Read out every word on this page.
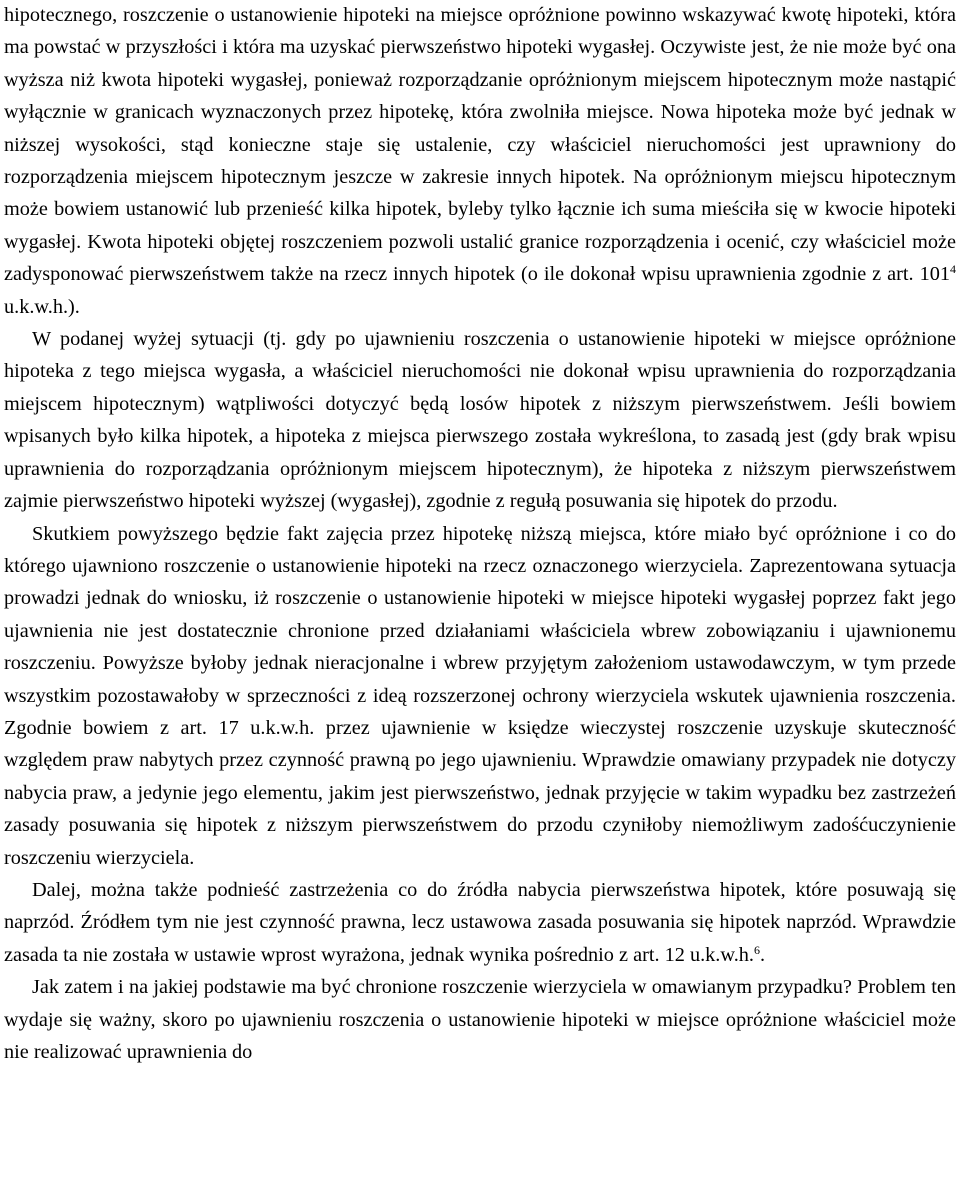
hipotecznego, roszczenie o ustanowienie hipoteki na miejsce opróżnione powinno wskazywać kwotę hipoteki, która ma powstać w przyszłości i która ma uzyskać pierwszeństwo hipoteki wygasłej. Oczywiste jest, że nie może być ona wyższa niż kwota hipoteki wygasłej, ponieważ rozporządzanie opróżnionym miejscem hipotecznym może nastąpić wyłącznie w granicach wyznaczonych przez hipotekę, która zwolniła miejsce. Nowa hipoteka może być jednak w niższej wysokości, stąd konieczne staje się ustalenie, czy właściciel nieruchomości jest uprawniony do rozporządzenia miejscem hipotecznym jeszcze w zakresie innych hipotek. Na opróżnionym miejscu hipotecznym może bowiem ustanowić lub przenieść kilka hipotek, byleby tylko łącznie ich suma mieściła się w kwocie hipoteki wygasłej. Kwota hipoteki objętej roszczeniem pozwoli ustalić granice rozporządzenia i ocenić, czy właściciel może zadysponować pierwszeństwem także na rzecz innych hipotek (o ile dokonał wpisu uprawnienia zgodnie z art. $101^4$ u.k.w.h.).

W podanej wyżej sytuacji (tj. gdy po ujawnieniu roszczenia o ustanowienie hipoteki w miejsce opróżnione hipoteka z tego miejsca wygasła, a właściciel nieruchomości nie dokonał wpisu uprawnienia do rozporządzania miejscem hipotecznym) wątpliwości dotyczyć będą losów hipotek z niższym pierwszeństwem. Jeśli bowiem wpisanych było kilka hipotek, a hipoteka z miejsca pierwszego została wykreślona, to zasadą jest (gdy brak wpisu uprawnienia do rozporządzania opróżnionym miejscem hipotecznym), że hipoteka z niższym pierwszeństwem zajmie pierwszeństwo hipoteki wyższej (wygasłej), zgodnie z regułą posuwania się hipotek do przodu.

Skutkiem powyższego będzie fakt zajęcia przez hipotekę niższą miejsca, które miało być opróżnione i co do którego ujawniono roszczenie o ustanowienie hipoteki na rzecz oznaczonego wierzyciela. Zaprezentowana sytuacja prowadzi jednak do wniosku, iż roszczenie o ustanowienie hipoteki w miejsce hipoteki wygasłej poprzez fakt jego ujawnienia nie jest dostatecznie chronione przed działaniami właściciela wbrew zobowiązaniu i ujawnionemu roszczeniu. Powyższe byłoby jednak nieracjonalne i wbrew przyjętym założeniom ustawodawczym, w tym przede wszystkim pozostawałoby w sprzeczności z ideą rozszerzonej ochrony wierzyciela wskutek ujawnienia roszczenia. Zgodnie bowiem z art. 17 u.k.w.h. przez ujawnienie w księdze wieczystej roszczenie uzyskuje skuteczność względem praw nabytych przez czynność prawną po jego ujawnieniu. Wprawdzie omawiany przypadek nie dotyczy nabycia praw, a jedynie jego elementu, jakim jest pierwszeństwo, jednak przyjęcie w takim wypadku bez zastrzeżeń zasady posuwania się hipotek z niższym pierwszeństwem do przodu czyniłoby niemożliwym zadośćuczynienie roszczeniu wierzyciela.

Dalej, można także podnieść zastrzeżenia co do źródła nabycia pierwszeństwa hipotek, które posuwają się naprzód. Źródłem tym nie jest czynność prawna, lecz ustawowa zasada posuwania się hipotek naprzód. Wprawdzie zasada ta nie została w ustawie wprost wyrażona, jednak wynika pośrednio z art. 12 u.k.w.h.$^6$.

Jak zatem i na jakiej podstawie ma być chronione roszczenie wierzyciela w omawianym przypadku? Problem ten wydaje się ważny, skoro po ujawnieniu roszczenia o ustanowienie hipoteki w miejsce opróżnione właściciel może nie realizować uprawnienia do
